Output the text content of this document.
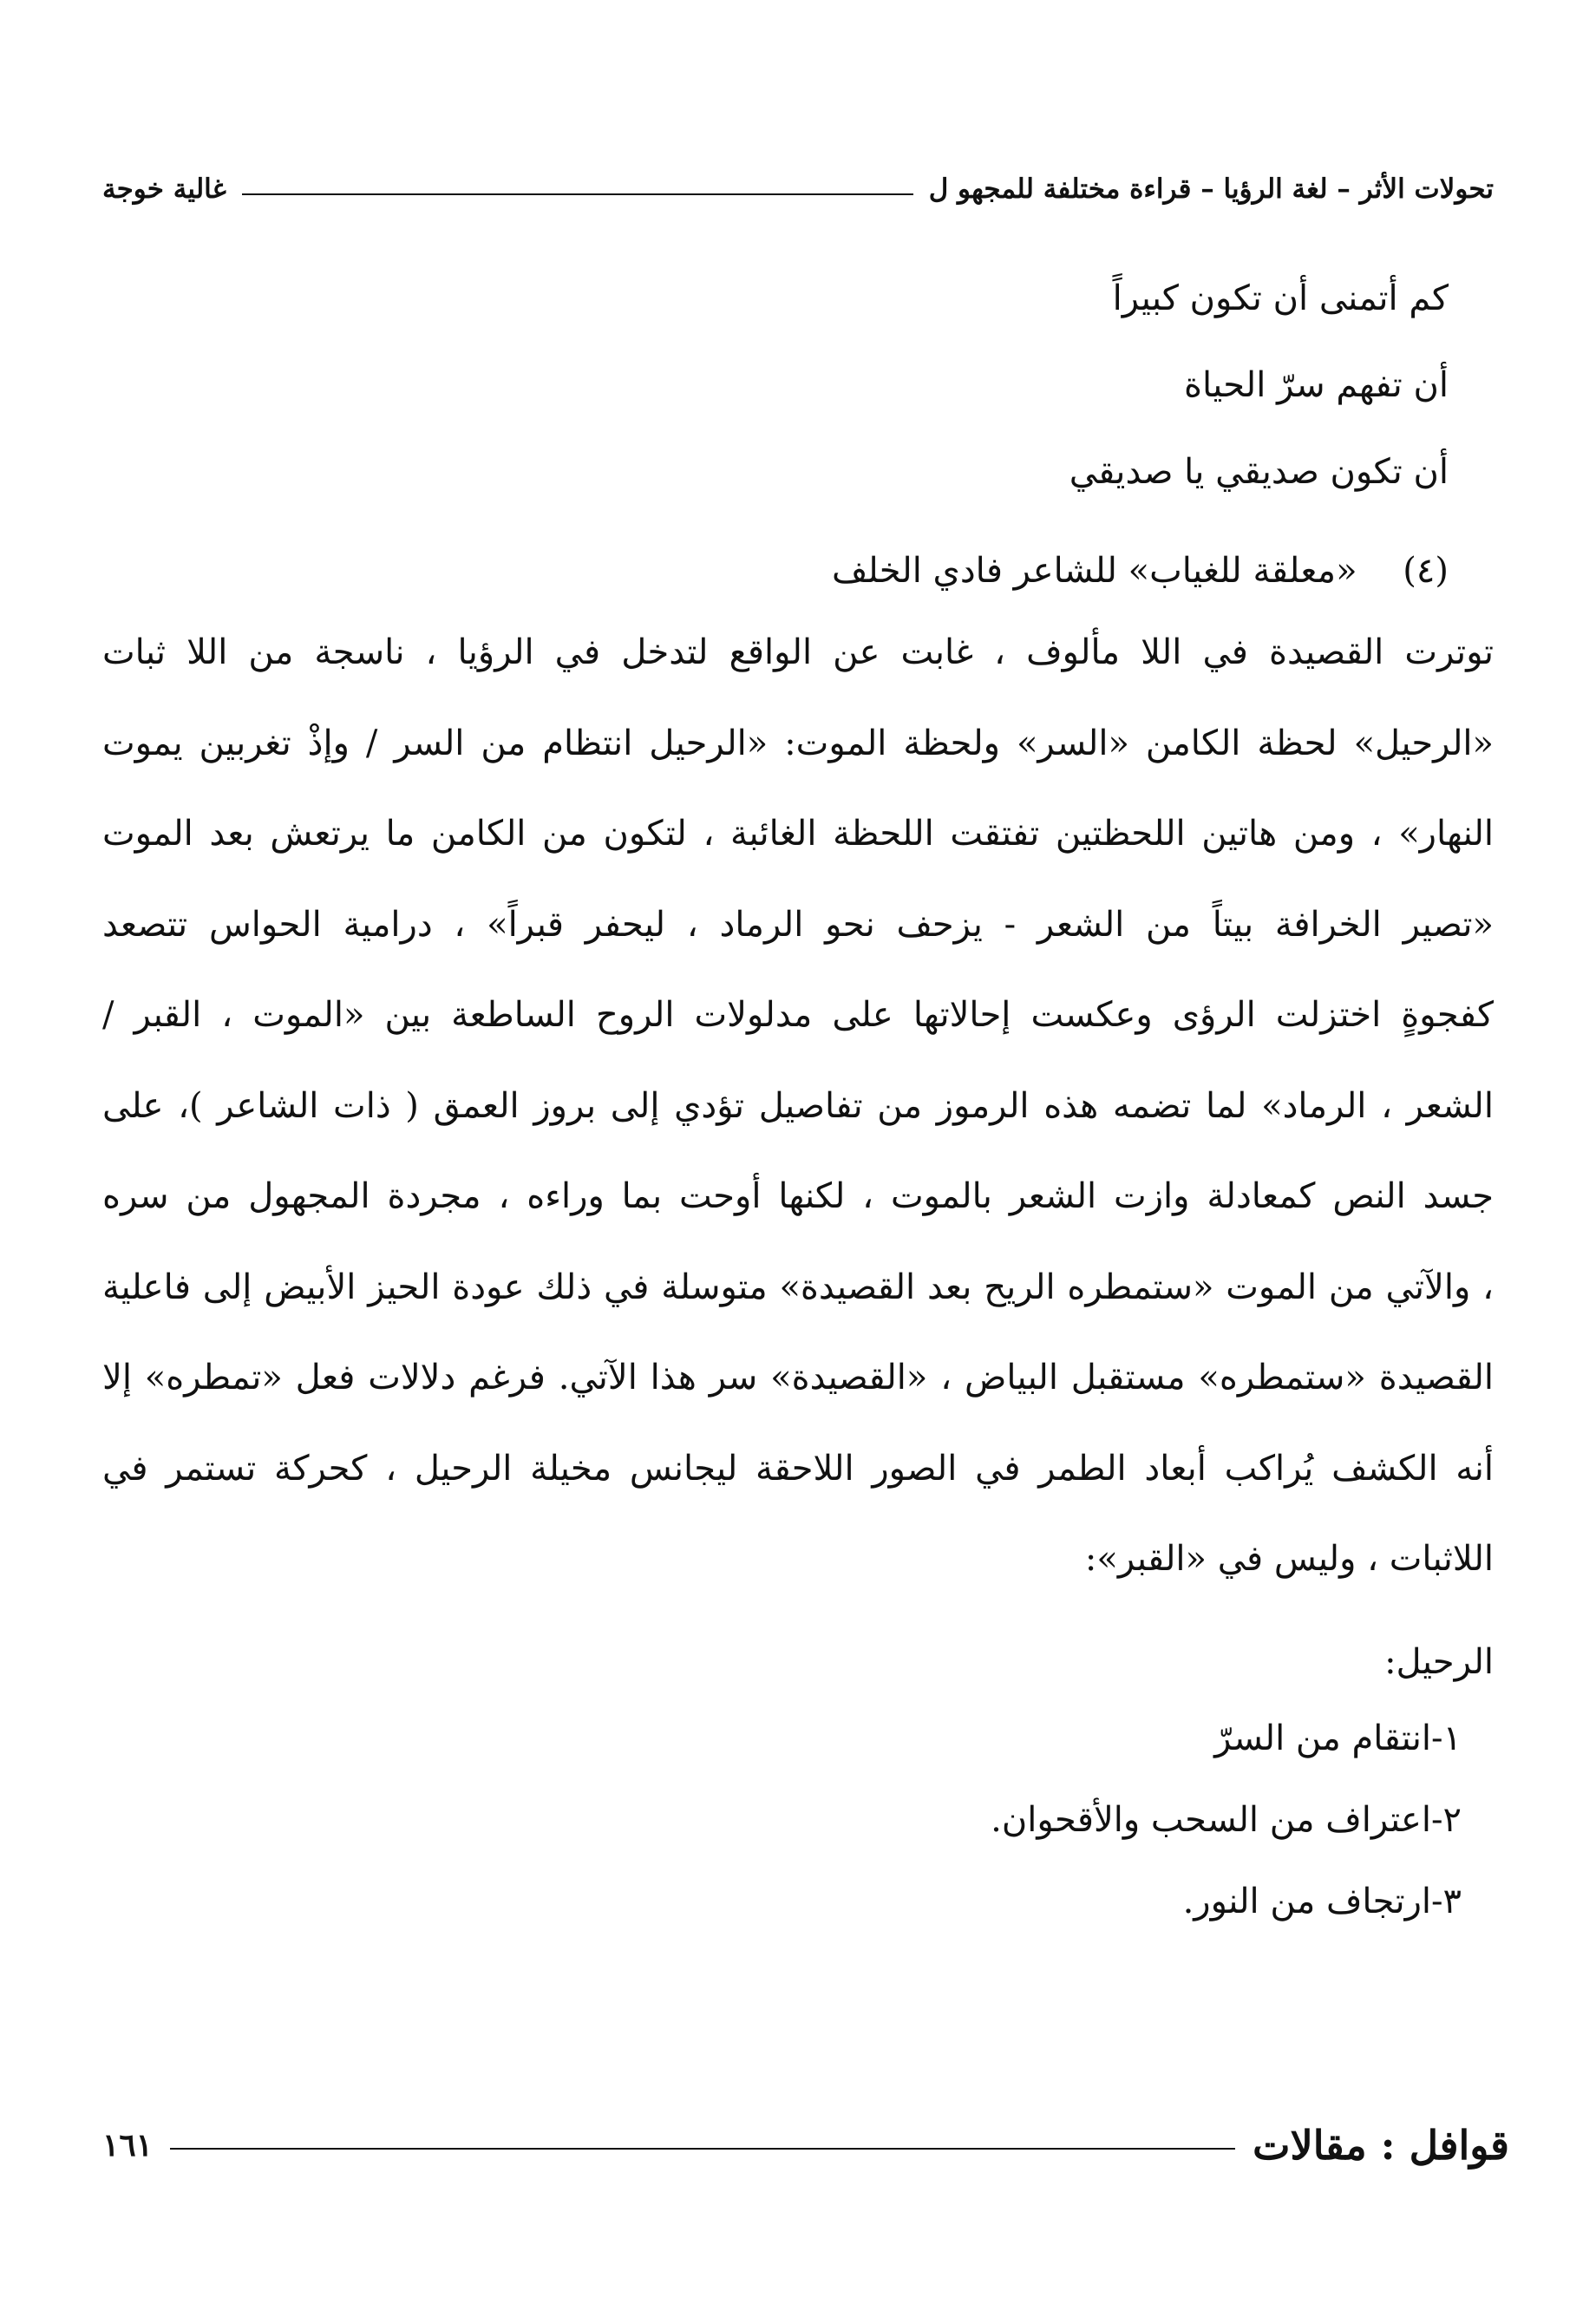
تحولات الأثر – لغة الرؤيا – قراءة مختلفة للمجهو ل
غالية خوجة
كم أتمنى أن تكون كبيراً
أن تفهم سرّ الحياة
أن تكون صديقي يا صديقي
(٤) «معلقة للغياب» للشاعر فادي الخلف
توترت القصيدة في اللا مألوف ، غابت عن الواقع لتدخل في الرؤيا ، ناسجة من اللا ثبات
«الرحيل» لحظة الكامن «السر» ولحظة الموت: «الرحيل انتظام من السر / وإذْ تغربين يموت
النهار» ، ومن هاتين اللحظتين تفتقت اللحظة الغائبة ، لتكون من الكامن ما يرتعش بعد الموت
«تصير الخرافة بيتاً من الشعر - يزحف نحو الرماد ، ليحفر قبراً» ، درامية الحواس تتصعد
كفجوةٍ اختزلت الرؤى وعكست إحالاتها على مدلولات الروح الساطعة بين «الموت ، القبر /
الشعر ، الرماد» لما تضمه هذه الرموز من تفاصيل تؤدي إلى بروز العمق ( ذات الشاعر )، على
جسد النص كمعادلة وازت الشعر بالموت ، لكنها أوحت بما وراءه ، مجردة المجهول من سره
، والآتي من الموت «ستمطره الريح بعد القصيدة» متوسلة في ذلك عودة الحيز الأبيض إلى فاعلية
القصيدة «ستمطره» مستقبل البياض ، «القصيدة» سر هذا الآتي. فرغم دلالات فعل «تمطره» إلا
أنه الكشف يُراكب أبعاد الطمر في الصور اللاحقة ليجانس مخيلة الرحيل ، كحركة تستمر في
اللاثبات ، وليس في «القبر»:
الرحيل:
١-انتقام من السرّ
٢-اعتراف من السحب والأقحوان.
٣-ارتجاف من النور.
قوافل : مقالات
١٦١
